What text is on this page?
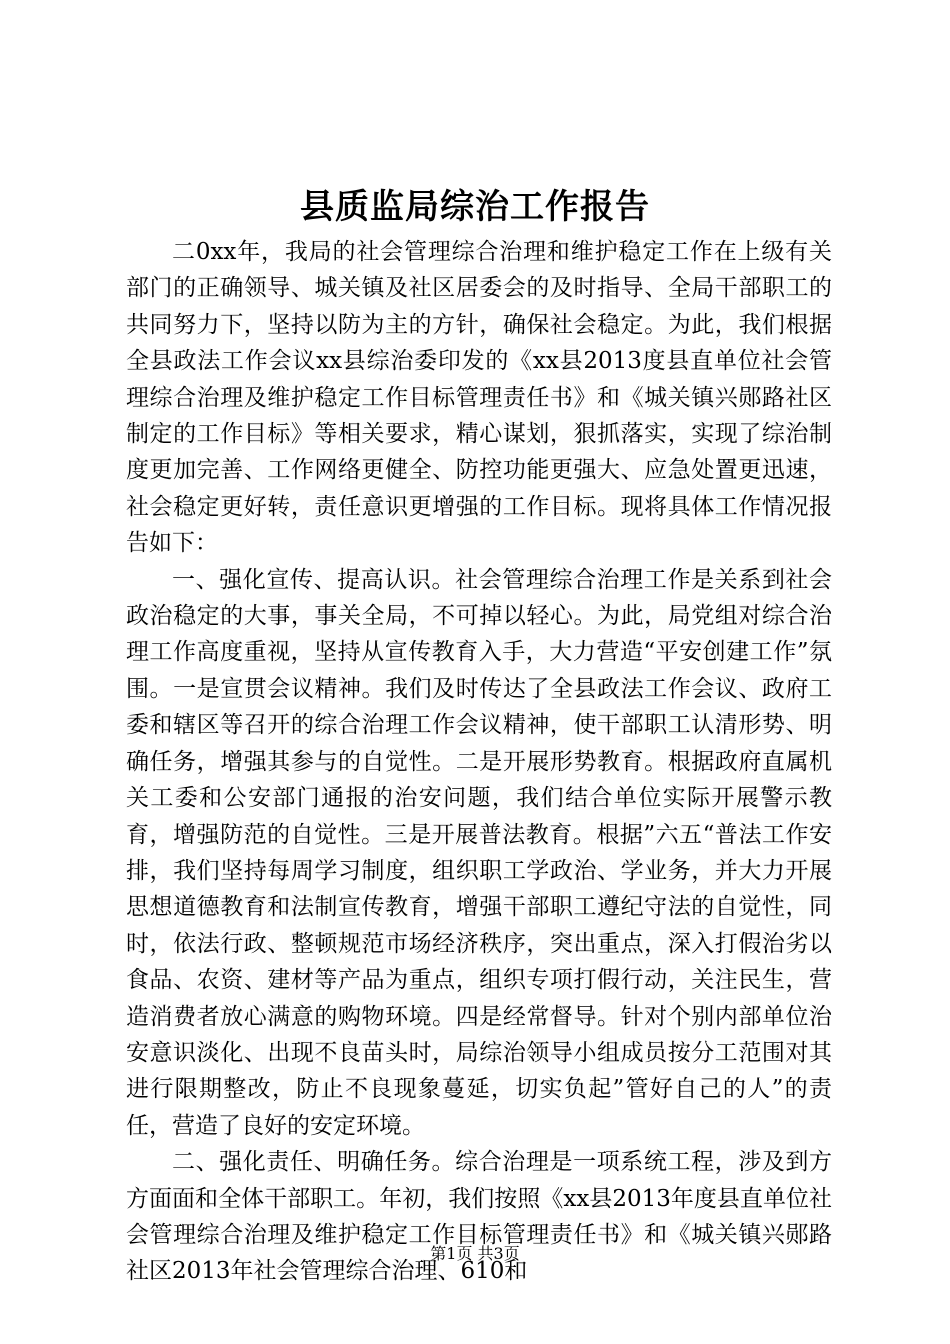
县质监局综治工作报告

二0xx年，我局的社会管理综合治理和维护稳定工作在上级有关部门的正确领导、城关镇及社区居委会的及时指导、全局干部职工的共同努力下，坚持以防为主的方针，确保社会稳定。为此，我们根据全县政法工作会议xx县综治委印发的《xx县2013度县直单位社会管理综合治理及维护稳定工作目标管理责任书》和《城关镇兴郧路社区制定的工作目标》等相关要求，精心谋划，狠抓落实，实现了综治制度更加完善、工作网络更健全、防控功能更强大、应急处置更迅速，社会稳定更好转，责任意识更增强的工作目标。现将具体工作情况报告如下：

一、强化宣传、提高认识。社会管理综合治理工作是关系到社会政治稳定的大事，事关全局，不可掉以轻心。为此，局党组对综合治理工作高度重视，坚持从宣传教育入手，大力营造“平安创建工作”氛围。一是宣贯会议精神。我们及时传达了全县政法工作会议、政府工委和辖区等召开的综合治理工作会议精神，使干部职工认清形势、明确任务，增强其参与的自觉性。二是开展形势教育。根据政府直属机关工委和公安部门通报的治安问题，我们结合单位实际开展警示教育，增强防范的自觉性。三是开展普法教育。根据”六五“普法工作安排，我们坚持每周学习制度，组织职工学政治、学业务，并大力开展思想道德教育和法制宣传教育，增强干部职工遵纪守法的自觉性，同时，依法行政、整顿规范市场经济秩序，突出重点，深入打假治劣以食品、农资、建材等产品为重点，组织专项打假行动，关注民生，营造消费者放心满意的购物环境。四是经常督导。针对个别内部单位治安意识淡化、出现不良苗头时，局综治领导小组成员按分工范围对其进行限期整改，防止不良现象蔓延，切实负起”管好自己的人”的责任，营造了良好的安定环境。

二、强化责任、明确任务。综合治理是一项系统工程，涉及到方方面面和全体干部职工。年初，我们按照《xx县2013年度县直单位社会管理综合治理及维护稳定工作目标管理责任书》和《城关镇兴郧路社区2013年社会管理综合治理、610和

第1页 共3页
